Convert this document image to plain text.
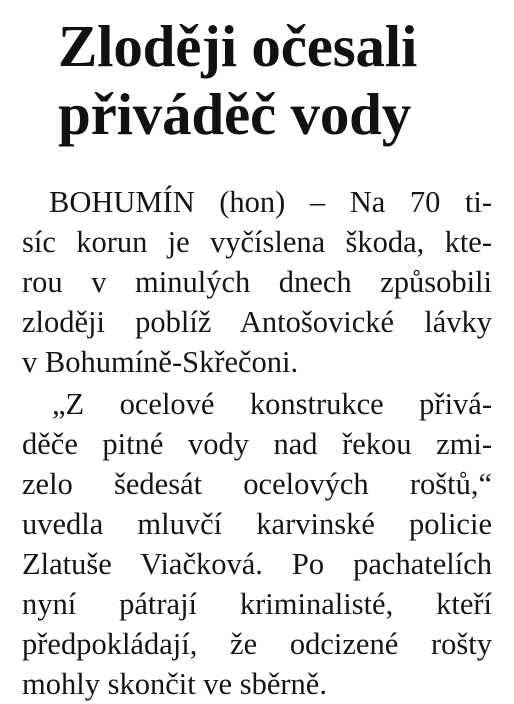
Zloději očesali
přiváděč vody
BOHUMÍN (hon) – Na 70 ti-
síc korun je vyčíslena škoda, kte-
rou v minulých dnech způsobili
zloději poblíž Antošovické lávky
v Bohumíně-Skřečoni.
„Z ocelové konstrukce přivá-
děče pitné vody nad řekou zmi-
zelo šedesát ocelových roštů,“
uvedla mluvčí karvinské policie
Zlatuše Viačková. Po pachatelích
nyní pátrají kriminalisté, kteří
předpokládají, že odcizené rošty
mohly skončit ve sběrně.
